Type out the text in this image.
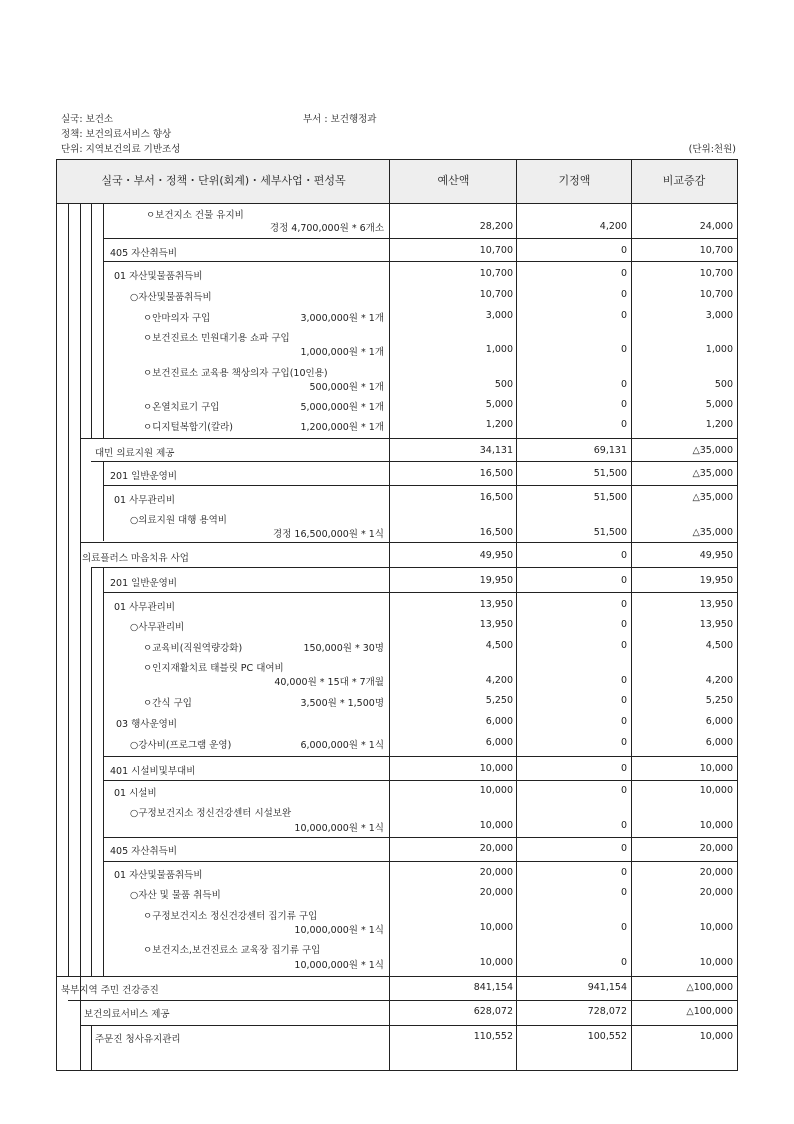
실국: 보건소	부서 : 보건행정과
정책: 보건의료서비스 향상
단위: 지역보건의료 기반조성	(단위:천원)
실국・부서・정책・단위(회계)・세부사업・편성목	예산액	기정액	비교증감
ㅇ보건지소 건물 유지비
경정 4,700,000원 * 6개소	28,200	4,200	24,000
405 자산취득비	10,700	0	10,700
01 자산및물품취득비	10,700	0	10,700
○자산및물품취득비	10,700	0	10,700
ㅇ안마의자 구입	3,000,000원 * 1개	3,000	0	3,000
ㅇ보건진료소 민원대기용 쇼파 구입
1,000,000원 * 1개	1,000	0	1,000
ㅇ보건진료소 교육용 책상의자 구입(10인용)
500,000원 * 1개	500	0	500
ㅇ온열치료기 구입	5,000,000원 * 1개	5,000	0	5,000
ㅇ디지털복합기(칼라)	1,200,000원 * 1개	1,200	0	1,200
대민 의료지원 제공	34,131	69,131	△35,000
201 일반운영비	16,500	51,500	△35,000
01 사무관리비	16,500	51,500	△35,000
○의료지원 대행 용역비
경정 16,500,000원 * 1식	16,500	51,500	△35,000
의료플러스 마음치유 사업	49,950	0	49,950
201 일반운영비	19,950	0	19,950
01 사무관리비	13,950	0	13,950
○사무관리비	13,950	0	13,950
ㅇ교육비(직원역량강화)	150,000원 * 30명	4,500	0	4,500
ㅇ인지재활치료 태블릿 PC 대여비
40,000원 * 15대 * 7개월	4,200	0	4,200
ㅇ간식 구입	3,500원 * 1,500명	5,250	0	5,250
03 행사운영비	6,000	0	6,000
○강사비(프로그램 운영)	6,000,000원 * 1식	6,000	0	6,000
401 시설비및부대비	10,000	0	10,000
01 시설비	10,000	0	10,000
○구정보건지소 정신건강센터 시설보완
10,000,000원 * 1식	10,000	0	10,000
405 자산취득비	20,000	0	20,000
01 자산및물품취득비	20,000	0	20,000
○자산 및 물품 취득비	20,000	0	20,000
ㅇ구정보건지소 정신건강센터 집기류 구입
10,000,000원 * 1식	10,000	0	10,000
ㅇ보건지소,보건진료소 교육장 집기류 구입
10,000,000원 * 1식	10,000	0	10,000
북부지역 주민 건강증진	841,154	941,154	△100,000
보건의료서비스 제공	628,072	728,072	△100,000
주문진 청사유지관리	110,552	100,552	10,000
